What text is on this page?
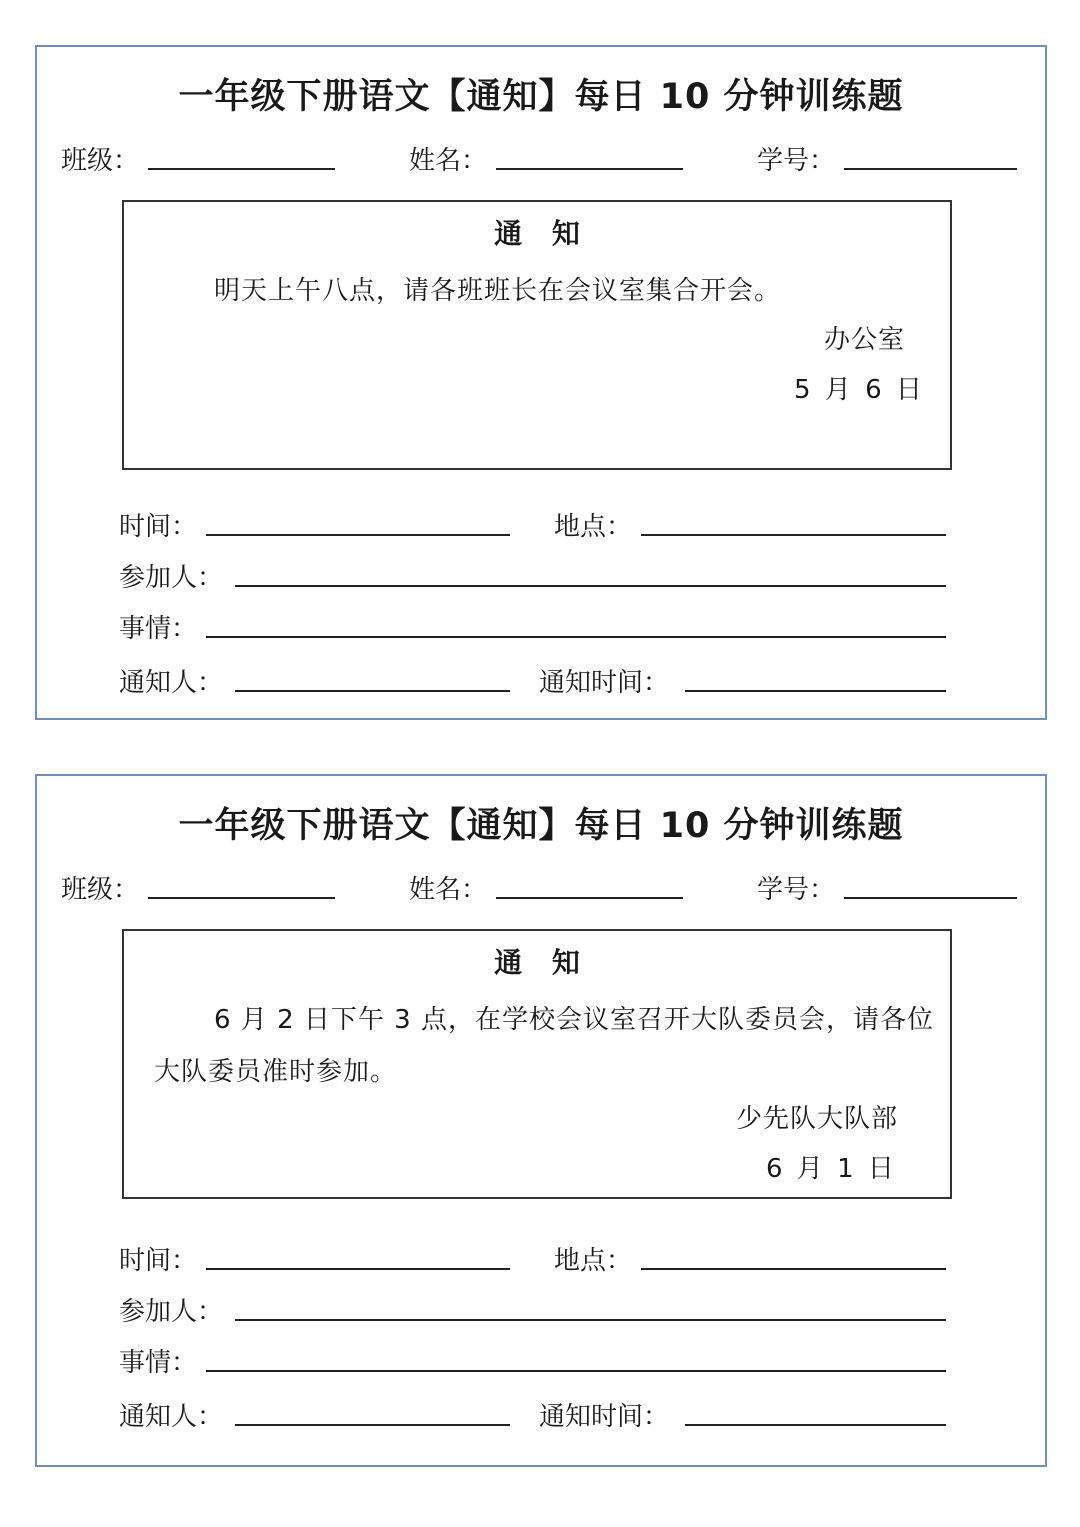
一年级下册语文【通知】每日 10 分钟训练题
班级：	姓名：	学号：
通 知
明天上午八点，请各班班长在会议室集合开会。
办公室
5 月 6 日
时间：	地点：
参加人：
事情：
通知人：	通知时间：
一年级下册语文【通知】每日 10 分钟训练题
班级：	姓名：	学号：
通 知
6 月 2 日下午 3 点，在学校会议室召开大队委员会，请各位大队委员准时参加。
少先队大队部
6 月 1 日
时间：	地点：
参加人：
事情：
通知人：	通知时间：
